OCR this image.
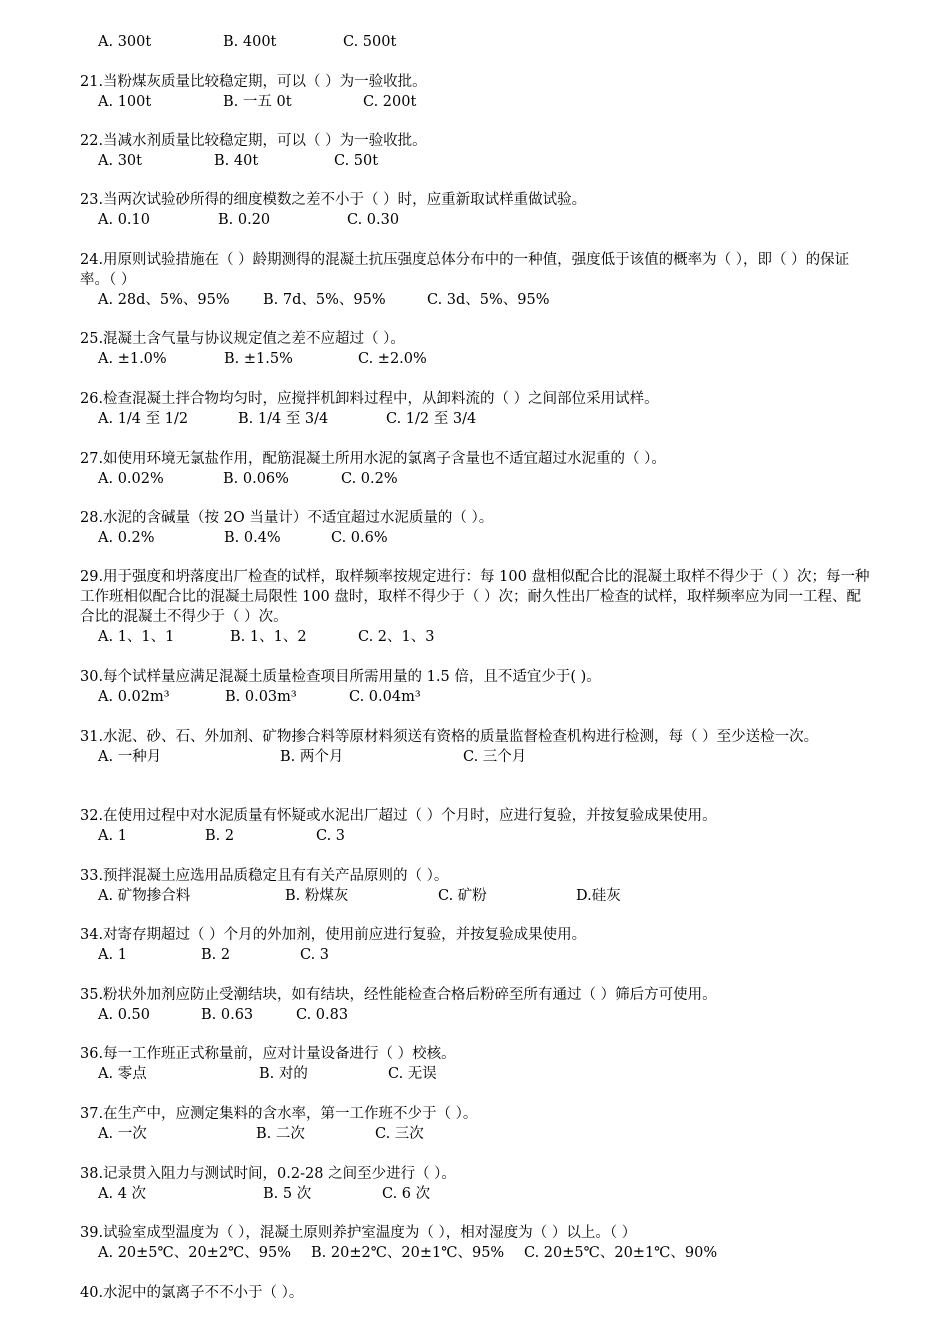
A. 300t	B. 400t	C. 500t
21.当粉煤灰质量比较稳定期，可以（ ）为一验收批。
A. 100t	B. 一五 0t	C. 200t
22.当减水剂质量比较稳定期，可以（ ）为一验收批。
A. 30t	B. 40t	C. 50t
23.当两次试验砂所得的细度模数之差不小于（ ）时，应重新取试样重做试验。
A. 0.10	B. 0.20	C. 0.30
24.用原则试验措施在（ ）龄期测得的混凝土抗压强度总体分布中的一种值，强度低于该值的概率为（ ），即（ ）的保证率。（ ）
A. 28d、5%、95% B. 7d、5%、95%	C. 3d、5%、95%
25.混凝土含气量与协议规定值之差不应超过（ ）。
A. ±1.0%	B. ±1.5%	C. ±2.0%
26.检查混凝土拌合物均匀时，应搅拌机卸料过程中，从卸料流的（ ）之间部位采用试样。
A. 1/4 至 1/2	B. 1/4 至 3/4	C. 1/2 至 3/4
27.如使用环境无氯盐作用，配筋混凝土所用水泥的氯离子含量也不适宜超过水泥重的（ ）。
A. 0.02%	B. 0.06%	C. 0.2%
28.水泥的含碱量（按 2O 当量计）不适宜超过水泥质量的（ ）。
A. 0.2%	B. 0.4%	C. 0.6%
29.用于强度和坍落度出厂检查的试样，取样频率按规定进行：每 100 盘相似配合比的混凝土取样不得少于（ ）次；每一种工作班相似配合比的混凝土局限性 100 盘时，取样不得少于（ ）次；耐久性出厂检查的试样，取样频率应为同一工程、配合比的混凝土不得少于（ ）次。
A. 1、1、1	B. 1、1、2	C. 2、1、3
30.每个试样量应满足混凝土质量检查项目所需用量的 1.5 倍，且不适宜少于( )。
A. 0.02m³	B. 0.03m³	C. 0.04m³
31.水泥、砂、石、外加剂、矿物掺合料等原材料须送有资格的质量监督检查机构进行检测，每（ ）至少送检一次。
A. 一种月	B. 两个月	C. 三个月
32.在使用过程中对水泥质量有怀疑或水泥出厂超过（ ）个月时，应进行复验，并按复验成果使用。
A. 1	B. 2	C. 3
33.预拌混凝土应选用品质稳定且有有关产品原则的（ ）。
A. 矿物掺合料	B. 粉煤灰	C. 矿粉	D.硅灰
34.对寄存期超过（ ）个月的外加剂，使用前应进行复验，并按复验成果使用。
A. 1	B. 2	C. 3
35.粉状外加剂应防止受潮结块，如有结块，经性能检查合格后粉碎至所有通过（ ）筛后方可使用。
A. 0.50	B. 0.63	C. 0.83
36.每一工作班正式称量前，应对计量设备进行（ ）校核。
A. 零点	B. 对的	C. 无误
37.在生产中，应测定集料的含水率，第一工作班不少于（ ）。
A. 一次	B. 二次	C. 三次
38.记录贯入阻力与测试时间，0.2-28 之间至少进行（ ）。
A. 4 次	B. 5 次	C. 6 次
39.试验室成型温度为（ ），混凝土原则养护室温度为（ ），相对湿度为（ ）以上。（ ）
A. 20±5℃、20±2℃、95% B. 20±2℃、20±1℃、95% C. 20±5℃、20±1℃、90%
40.水泥中的氯离子不不小于（ ）。
